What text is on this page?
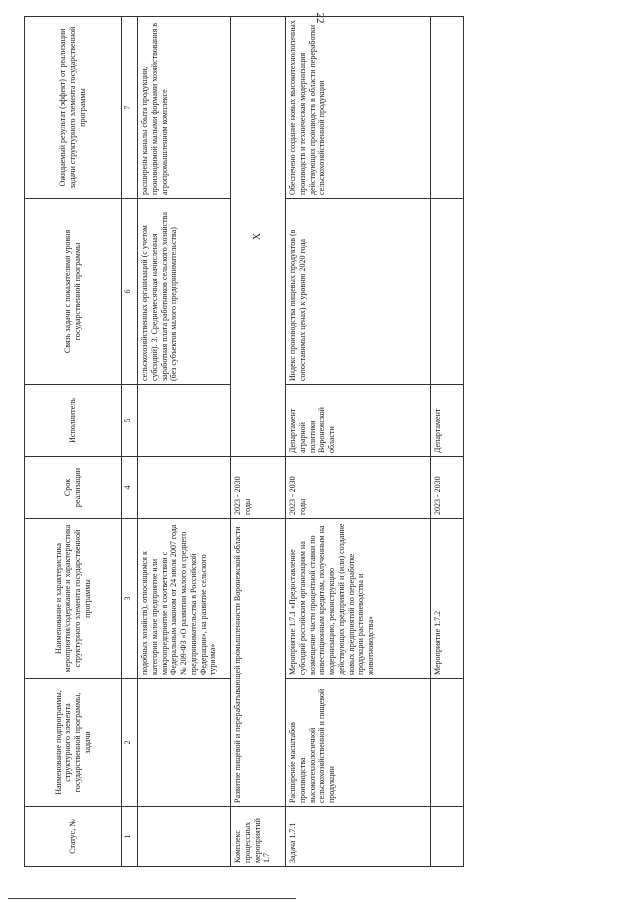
22
Статус, №	Наименование подпрограммы, структурного элемента государственной программы, задачи	Наименование и характеристика мероприятия/содержание и характеристика структурного элемента государственной программы	Срок реализации	Исполнитель	Связь задачи с показателями уровня государственной программы	Ожидаемый результат (эффект) от реализации задачи структурного элемента государственной программы
1	2	3	4	5	6	7
		подобных хозяйств), относящимся к категории малое предприятие или микропредприятие в соответствии с Федеральным законом от 24 июля 2007 года № 209-ФЗ «О развитии малого и среднего предпринимательства в Российской Федерации», на развитие сельского туризма»			сельскохозяйственных организаций (с учетом субсидий). 3. Среднемесячная начисленная заработная плата работников сельского хозяйства (без субъектов малого предпринимательства)	расширены каналы сбыта продукции, производимой малыми формами хозяйствования в агропромышленном комплексе
Комплекс процессных мероприятий 1.7	Развитие пищевой и перерабатывающей промышленности Воронежской области		2023 - 2030 годы	Х		
Задача 1.7.1	Расширение масштабов производства высокотехнологичной сельскохозяйственной и пищевой продукции	Мероприятие 1.7.1 «Предоставление субсидий российским организациям на возмещение части процентной ставки по инвестиционным кредитам, полученным на модернизацию, реконструкцию действующих предприятий и (или) создание новых предприятий по переработке продукции растениеводства и животноводства»	2023 - 2030 годы	Департамент аграрной политики Воронежской области	Индекс производства пищевых продуктов (в сопоставимых ценах) к уровню 2020 года	Обеспечено создание новых высокотехнологичных производств и техническая модернизация действующих производств в области переработки сельскохозяйственной продукции
		Мероприятие 1.7.2	2023 - 2030	Департамент		
